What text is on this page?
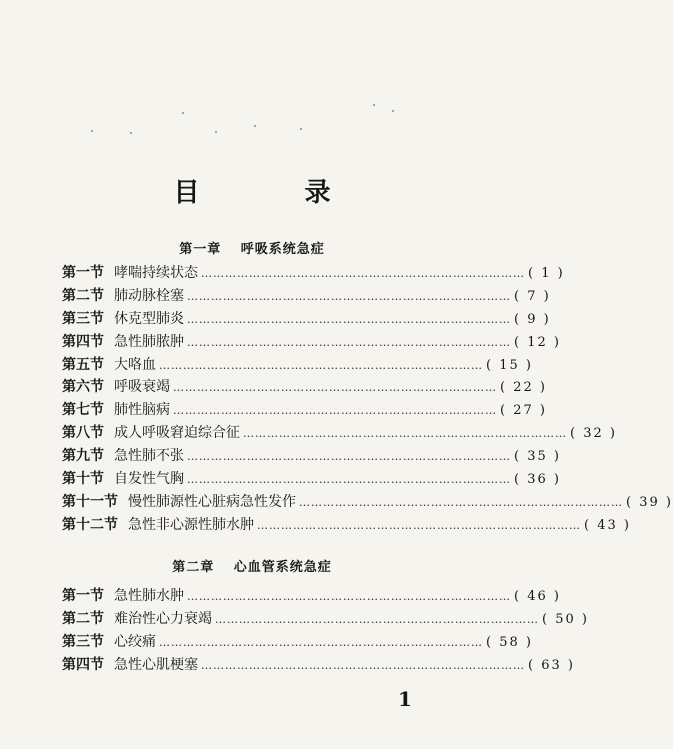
目 录
第一章 呼吸系统急症
第一节 哮喘持续状态 ……………………………………………………………………… ( 1 )
第二节 肺动脉栓塞 ……………………………………………………………………… ( 7 )
第三节 休克型肺炎 ……………………………………………………………………… ( 9 )
第四节 急性肺脓肿 ……………………………………………………………………… ( 12 )
第五节 大咯血 ……………………………………………………………………… ( 15 )
第六节 呼吸衰竭 ……………………………………………………………………… ( 22 )
第七节 肺性脑病 ……………………………………………………………………… ( 27 )
第八节 成人呼吸窘迫综合征 ……………………………………………………………………… ( 32 )
第九节 急性肺不张 ……………………………………………………………………… ( 35 )
第十节 自发性气胸 ……………………………………………………………………… ( 36 )
第十一节 慢性肺源性心脏病急性发作 ……………………………………………………………………… ( 39 )
第十二节 急性非心源性肺水肿 ……………………………………………………………………… ( 43 )
第二章 心血管系统急症
第一节 急性肺水肿 ……………………………………………………………………… ( 46 )
第二节 难治性心力衰竭 ……………………………………………………………………… ( 50 )
第三节 心绞痛 ……………………………………………………………………… ( 58 )
第四节 急性心肌梗塞 ……………………………………………………………………… ( 63 )
1
